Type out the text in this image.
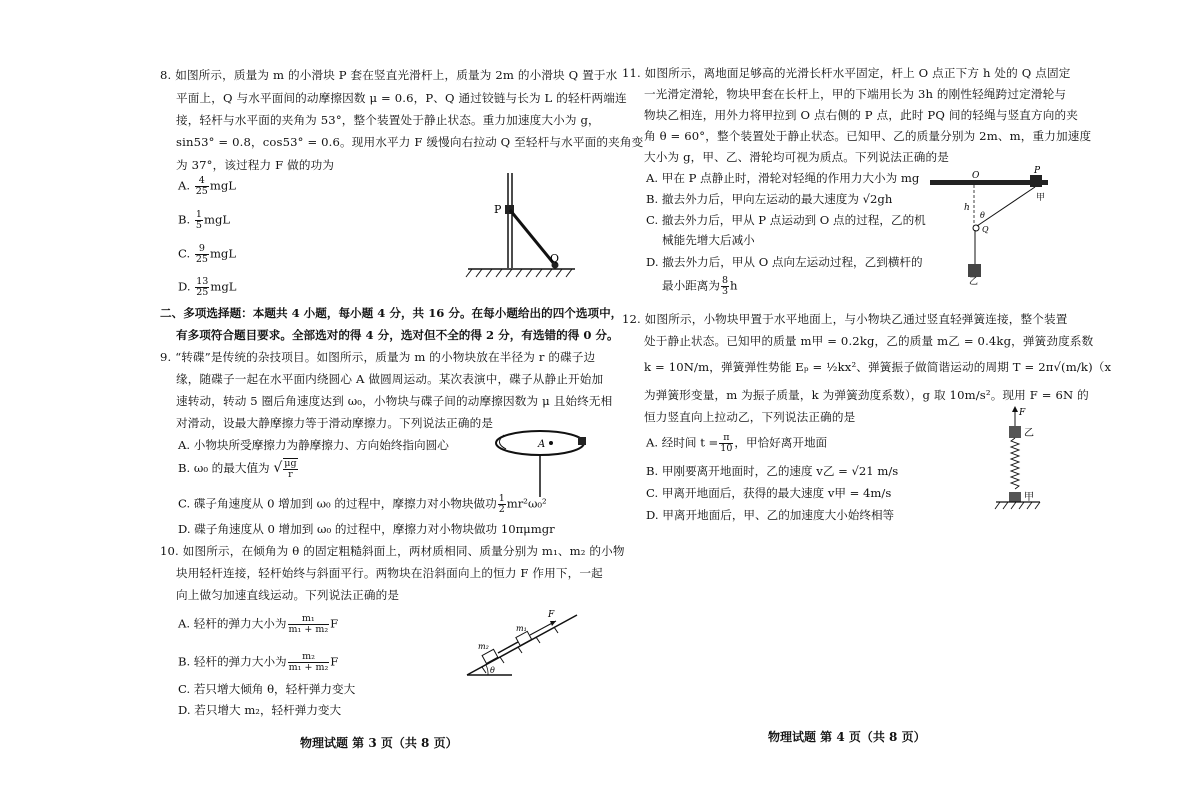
8. 如图所示，质量为 m 的小滑块 P 套在竖直光滑杆上，质量为 2m 的小滑块 Q 置于水
平面上，Q 与水平面间的动摩擦因数 μ = 0.6，P、Q 通过铰链与长为 L 的轻杆两端连
接，轻杆与水平面的夹角为 53°，整个装置处于静止状态。重力加速度大小为 g，
sin53° = 0.8，cos53° = 0.6。现用水平力 F 缓慢向右拉动 Q 至轻杆与水平面的夹角变
为 37°，该过程力 F 做的功为
A. $\frac{4}{25}$ mgL
B. $\frac{1}{5}$ mgL
C. $\frac{9}{25}$ mgL
D. $\frac{13}{25}$ mgL
P
Q
二、多项选择题：本题共 4 小题，每小题 4 分，共 16 分。在每小题给出的四个选项中，
有多项符合题目要求。全部选对的得 4 分，选对但不全的得 2 分，有选错的得 0 分。
9. “转碟”是传统的杂技项目。如图所示，质量为 m 的小物块放在半径为 r 的碟子边
缘，随碟子一起在水平面内绕圆心 A 做圆周运动。某次表演中，碟子从静止开始加
速转动，转动 5 圈后角速度达到 ω₀，小物块与碟子间的动摩擦因数为 μ 且始终无相
对滑动，设最大静摩擦力等于滑动摩擦力。下列说法正确的是
A. 小物块所受摩擦力为静摩擦力、方向始终指向圆心
B. ω₀ 的最大值为 √ $\frac{\mu g}{r}$
C. 碟子角速度从 0 增加到 ω₀ 的过程中，摩擦力对小物块做功 $\frac{1}{2} mr^2\omega_0^2$
D. 碟子角速度从 0 增加到 ω₀ 的过程中，摩擦力对小物块做功 10πμmgr
A
10. 如图所示，在倾角为 θ 的固定粗糙斜面上，两材质相同、质量分别为 m₁、m₂ 的小物
块用轻杆连接，轻杆始终与斜面平行。两物块在沿斜面向上的恒力 F 作用下，一起
向上做匀加速直线运动。下列说法正确的是
A. 轻杆的弹力大小为 $\frac{\text{m₁}}{\text{m₁ + m₂}}$ F
B. 轻杆的弹力大小为 $\frac{\text{m₂}}{\text{m₁ + m₂}}$ F
C. 若只增大倾角 θ，轻杆弹力变大
D. 若只增大 m₂，轻杆弹力变大
F
m₁
m₂
θ
物理试题 第 3 页（共 8 页）
11. 如图所示，离地面足够高的光滑长杆水平固定，杆上 O 点正下方 h 处的 Q 点固定
一光滑定滑轮，物块甲套在长杆上，甲的下端用长为 3h 的刚性轻绳跨过定滑轮与
物块乙相连，用外力将甲拉到 O 点右侧的 P 点，此时 PQ 间的轻绳与竖直方向的夹
角 θ = 60°，整个装置处于静止状态。已知甲、乙的质量分别为 2m、m，重力加速度
大小为 g，甲、乙、滑轮均可视为质点。下列说法正确的是
A. 甲在 P 点静止时，滑轮对轻绳的作用力大小为 mg
B. 撤去外力后，甲向左运动的最大速度为 √2gh
C. 撤去外力后，甲从 P 点运动到 O 点的过程，乙的机
械能先增大后减小
D. 撤去外力后，甲从 O 点向左运动过程，乙到横杆的
最小距离为 $\frac{8}{3}$ h
O	P
h
θ
Q
甲
乙
12. 如图所示，小物块甲置于水平地面上，与小物块乙通过竖直轻弹簧连接，整个装置
处于静止状态。已知甲的质量 m甲 = 0.2kg，乙的质量 m乙 = 0.4kg，弹簧劲度系数
k = 10N/m，弹簧弹性势能 Eₚ = ½kx²、弹簧振子做简谐运动的周期 T = 2π√(m/k)（x
为弹簧形变量，m 为振子质量，k 为弹簧劲度系数），g 取 10m/s²。现用 F = 6N 的
恒力竖直向上拉动乙，下列说法正确的是
A. 经时间 $t = \frac{\pi}{10}$ ，甲恰好离开地面
B. 甲刚要离开地面时，乙的速度 v乙 = √21 m/s
C. 甲离开地面后，获得的最大速度 v甲 = 4m/s
D. 甲离开地面后，甲、乙的加速度大小始终相等
F
乙
甲
物理试题 第 4 页（共 8 页）
